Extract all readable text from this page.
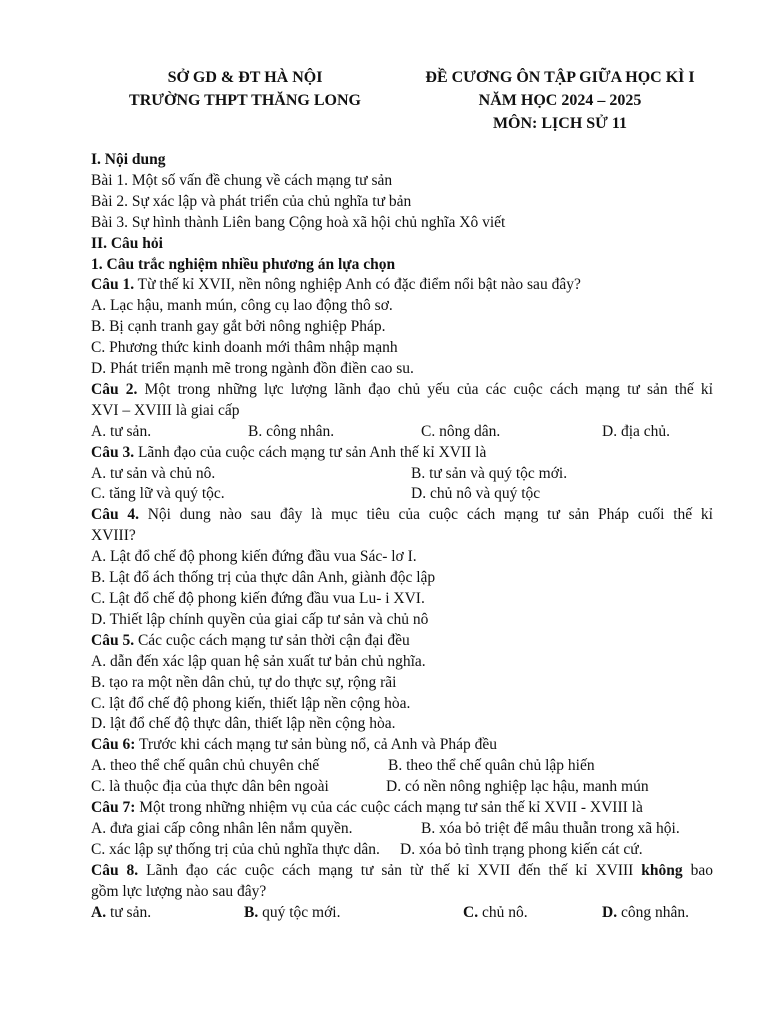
SỞ GD & ĐT HÀ NỘI
TRƯỜNG THPT THĂNG LONG
ĐỀ CƯƠNG ÔN TẬP GIỮA HỌC KÌ I
NĂM HỌC 2024 – 2025
MÔN: LỊCH SỬ 11
I. Nội dung
Bài 1. Một số vấn đề chung về cách mạng tư sản
Bài 2. Sự xác lập và phát triển của chủ nghĩa tư bản
Bài 3. Sự hình thành Liên bang Cộng hoà xã hội chủ nghĩa Xô viết
II. Câu hỏi
1. Câu trắc nghiệm nhiều phương án lựa chọn
Câu 1. Từ thế kỉ XVII, nền nông nghiệp Anh có đặc điểm nổi bật nào sau đây?
A. Lạc hậu, manh mún, công cụ lao động thô sơ.
B. Bị cạnh tranh gay gắt bởi nông nghiệp Pháp.
C. Phương thức kinh doanh mới thâm nhập mạnh
D. Phát triển mạnh mẽ trong ngành đồn điền cao su.
Câu 2. Một trong những lực lượng lãnh đạo chủ yếu của các cuộc cách mạng tư sản thế kỉ
XVI – XVIII là giai cấp
A. tư sản.	B. công nhân.	C. nông dân.	D. địa chủ.
Câu 3. Lãnh đạo của cuộc cách mạng tư sản Anh thế kỉ XVII là
A. tư sản và chủ nô.	B. tư sản và quý tộc mới.
C. tăng lữ và quý tộc.	D. chủ nô và quý tộc
Câu 4. Nội dung nào sau đây là mục tiêu của cuộc cách mạng tư sản Pháp cuối thế kỉ
XVIII?
A. Lật đổ chế độ phong kiến đứng đầu vua Sác- lơ I.
B. Lật đổ ách thống trị của thực dân Anh, giành độc lập
C. Lật đổ chế độ phong kiến đứng đầu vua Lu- i XVI.
D. Thiết lập chính quyền của giai cấp tư sản và chủ nô
Câu 5. Các cuộc cách mạng tư sản thời cận đại đều
A. dẫn đến xác lập quan hệ sản xuất tư bản chủ nghĩa.
B. tạo ra một nền dân chủ, tự do thực sự, rộng rãi
C. lật đổ chế độ phong kiến, thiết lập nền cộng hòa.
D. lật đổ chế độ thực dân, thiết lập nền cộng hòa.
Câu 6: Trước khi cách mạng tư sản bùng nổ, cả Anh và Pháp đều
A. theo thể chế quân chủ chuyên chế	B. theo thể chế quân chủ lập hiến
C. là thuộc địa của thực dân bên ngoài	D. có nền nông nghiệp lạc hậu, manh mún
Câu 7: Một trong những nhiệm vụ của các cuộc cách mạng tư sản thế kỉ XVII - XVIII là
A. đưa giai cấp công nhân lên nắm quyền.	B. xóa bỏ triệt để mâu thuẫn trong xã hội.
C. xác lập sự thống trị của chủ nghĩa thực dân. D. xóa bỏ tình trạng phong kiến cát cứ.
Câu 8. Lãnh đạo các cuộc cách mạng tư sản từ thế kỉ XVII đến thế kỉ XVIII không bao
gồm lực lượng nào sau đây?
A. tư sản.	B. quý tộc mới.	C. chủ nô.	D. công nhân.
